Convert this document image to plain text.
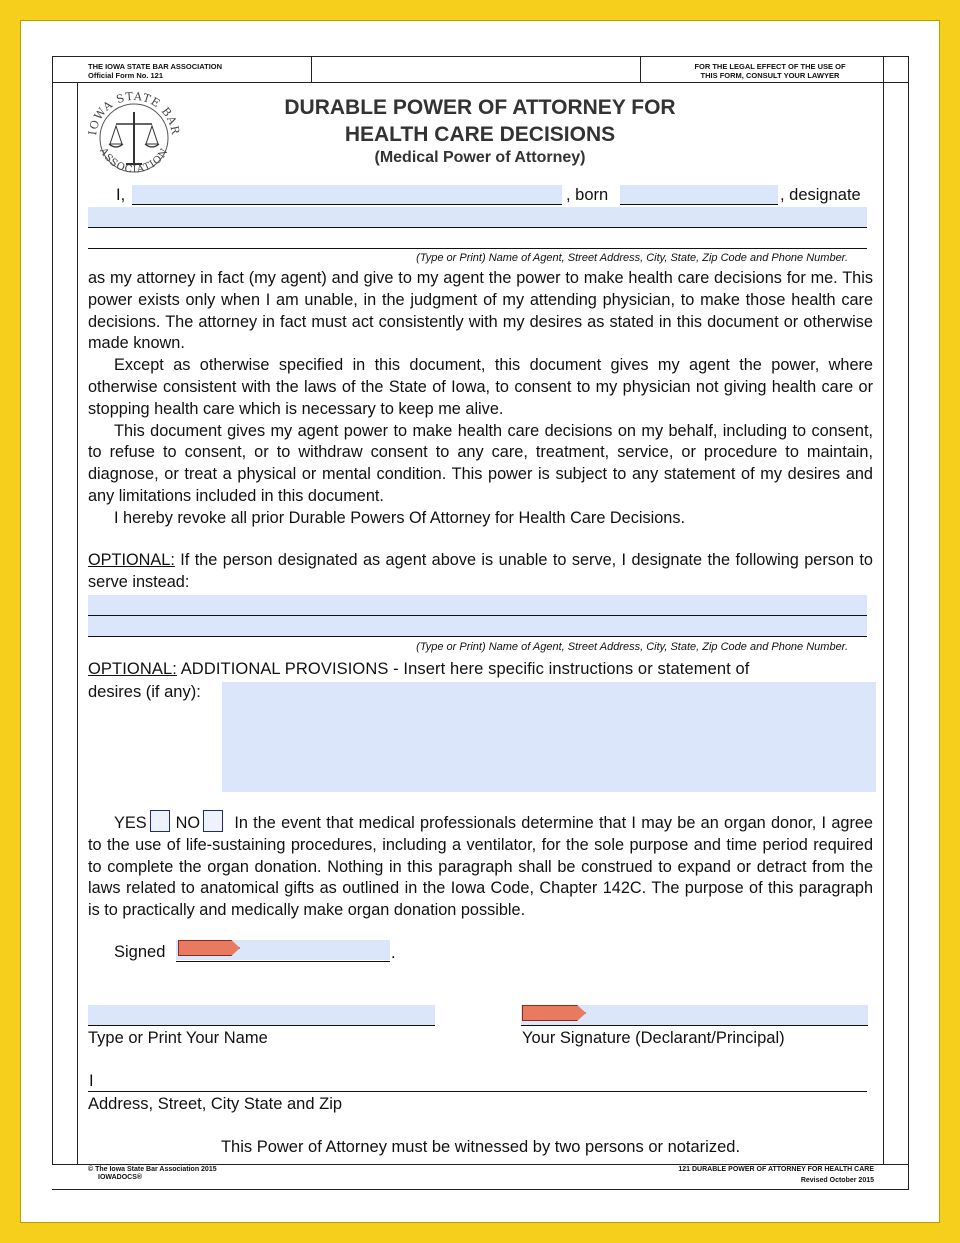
THE IOWA STATE BAR ASSOCIATION
Official Form No. 121
FOR THE LEGAL EFFECT OF THE USE OF
THIS FORM, CONSULT YOUR LAWYER
IOWA STATE BAR
ASSOCIATION
DURABLE POWER OF ATTORNEY FOR
HEALTH CARE DECISIONS
(Medical Power of Attorney)
I,	, born	, designate
(Type or Print) Name of Agent, Street Address, City, State, Zip Code and Phone Number.

as my attorney in fact (my agent) and give to my agent the power to make health care decisions for me. This power exists only when I am unable, in the judgment of my attending physician, to make those health care decisions. The attorney in fact must act consistently with my desires as stated in this document or otherwise made known.

Except as otherwise specified in this document, this document gives my agent the power, where otherwise consistent with the laws of the State of Iowa, to consent to my physician not giving health care or stopping health care which is necessary to keep me alive.

This document gives my agent power to make health care decisions on my behalf, including to consent, to refuse to consent, or to withdraw consent to any care, treatment, service, or procedure to maintain, diagnose, or treat a physical or mental condition. This power is subject to any statement of my desires and any limitations included in this document.

I hereby revoke all prior Durable Powers Of Attorney for Health Care Decisions.

OPTIONAL: If the person designated as agent above is unable to serve, I designate the following person to serve instead:

(Type or Print) Name of Agent, Street Address, City, State, Zip Code and Phone Number.
OPTIONAL: ADDITIONAL PROVISIONS - Insert here specific instructions or statement of
desires (if any):

YES NO In the event that medical professionals determine that I may be an organ donor, I agree to the use of life-sustaining procedures, including a ventilator, for the sole purpose and time period required to complete the organ donation. Nothing in this paragraph shall be construed to expand or detract from the laws related to anatomical gifts as outlined in the Iowa Code, Chapter 142C. The purpose of this paragraph is to practically and medically make organ donation possible.

Signed	.
Type or Print Your Name	Your Signature (Declarant/Principal)
I
Address, Street, City State and Zip
This Power of Attorney must be witnessed by two persons or notarized.
© The Iowa State Bar Association 2015
IOWADOCS®
121 DURABLE POWER OF ATTORNEY FOR HEALTH CARE
Revised October 2015
